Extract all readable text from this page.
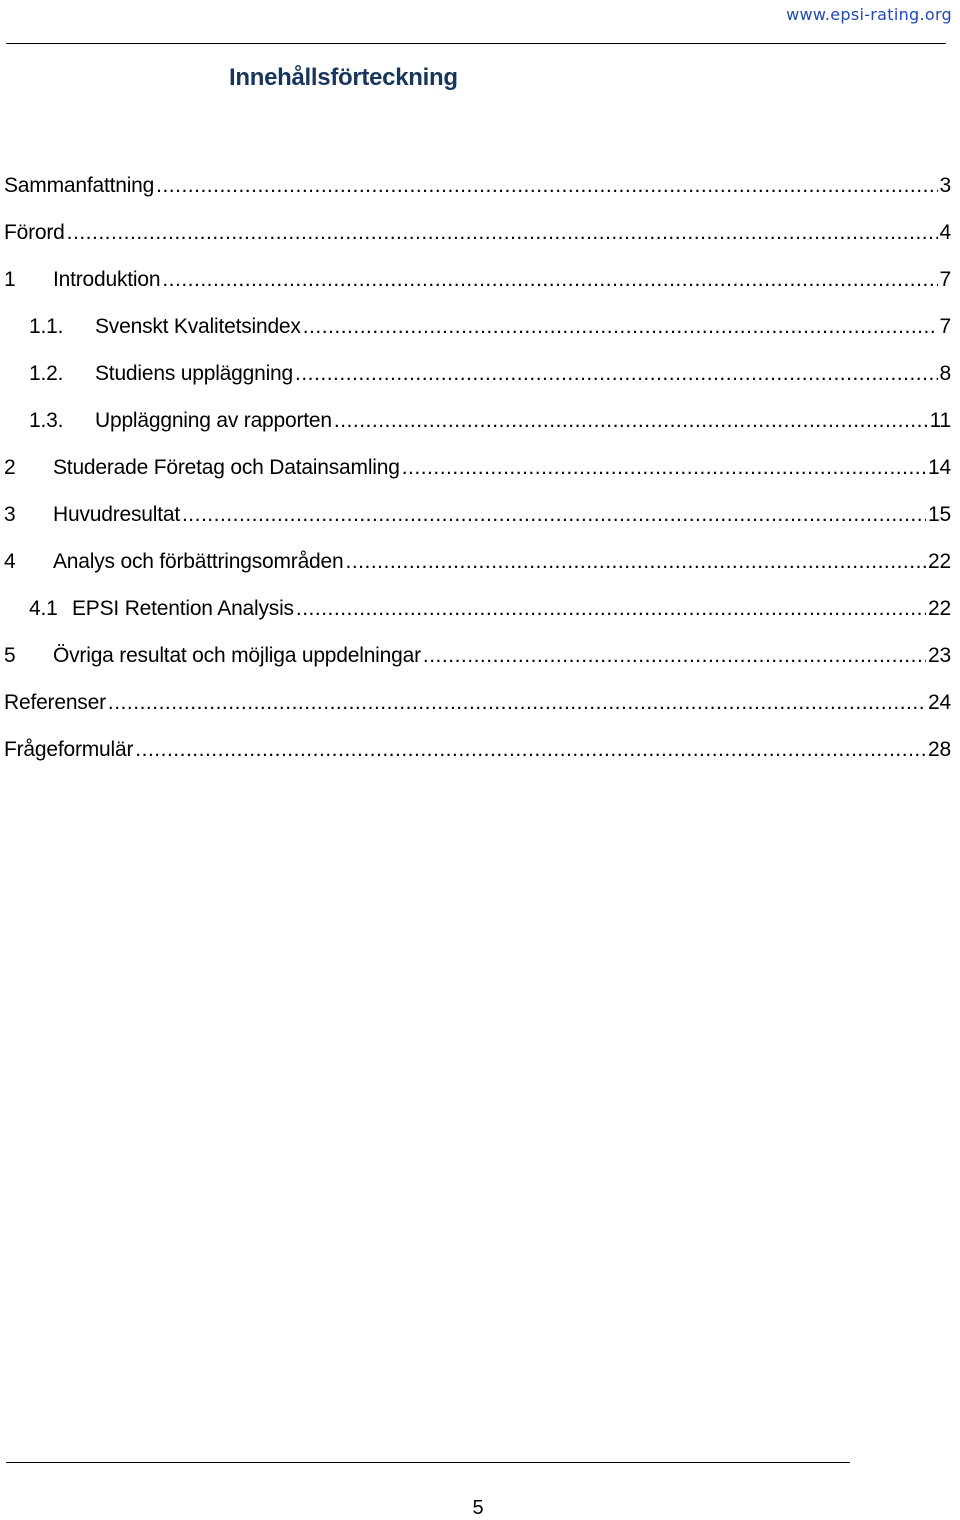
www.epsi-rating.org
Innehållsförteckning
Sammanfattning .....	3
Förord .....	4
1	Introduktion .....	7
1.1.	Svenskt Kvalitetsindex .....	7
1.2.	Studiens uppläggning .....	8
1.3.	Uppläggning av rapporten .....	11
2	Studerade Företag och Datainsamling .....	14
3	Huvudresultat .....	15
4	Analys och förbättringsområden .....	22
4.1 EPSI Retention Analysis .....	22
5	Övriga resultat och möjliga uppdelningar .....	23
Referenser .....	24
Frågeformulär .....	28
5
